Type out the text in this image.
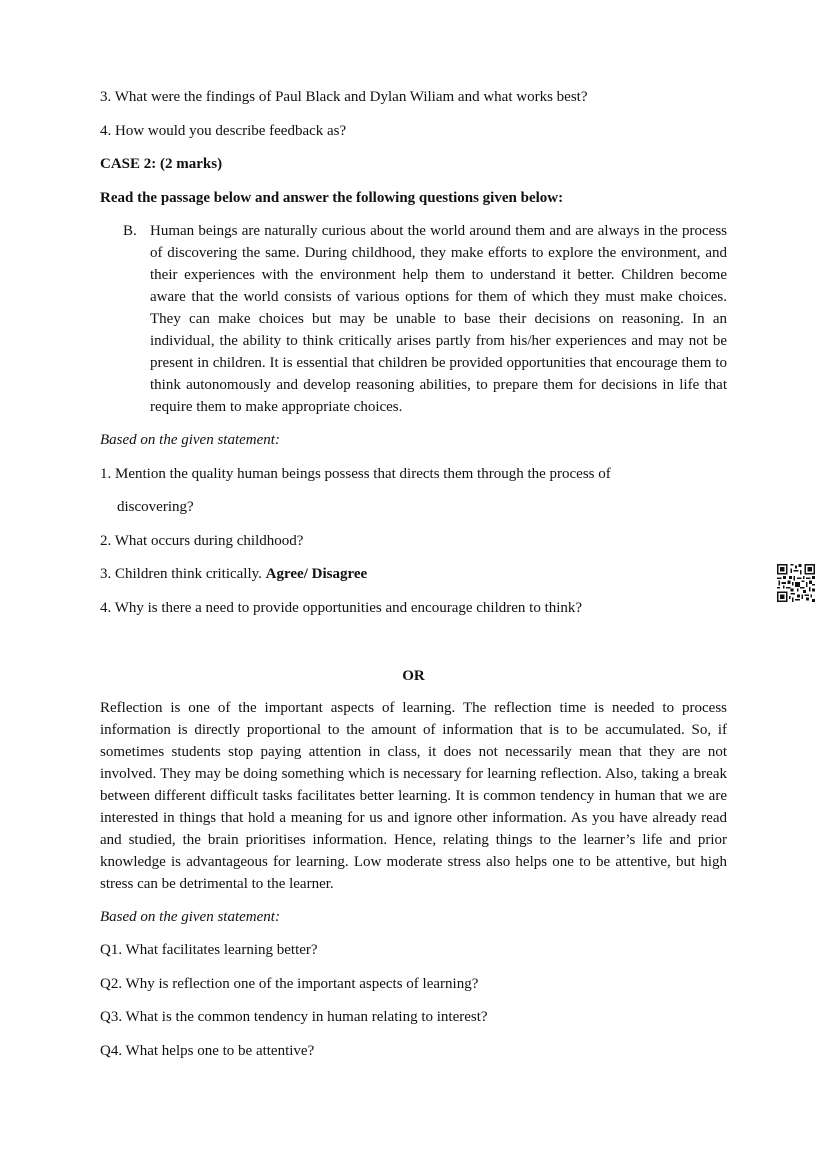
3. What were the findings of Paul Black and Dylan Wiliam and what works best?
4. How would you describe feedback as?
CASE 2: (2 marks)
Read the passage below and answer the following questions given below:
B. Human beings are naturally curious about the world around them and are always in the process of discovering the same. During childhood, they make efforts to explore the environment, and their experiences with the environment help them to understand it better. Children become aware that the world consists of various options for them of which they must make choices. They can make choices but may be unable to base their decisions on reasoning. In an individual, the ability to think critically arises partly from his/her experiences and may not be present in children. It is essential that children be provided opportunities that encourage them to think autonomously and develop reasoning abilities, to prepare them for decisions in life that require them to make appropriate choices.
Based on the given statement:
1. Mention the quality human beings possess that directs them through the process of
discovering?
2. What occurs during childhood?
3. Children think critically. Agree/ Disagree
4. Why is there a need to provide opportunities and encourage children to think?
OR
Reflection is one of the important aspects of learning. The reflection time is needed to process information is directly proportional to the amount of information that is to be accumulated. So, if sometimes students stop paying attention in class, it does not necessarily mean that they are not involved. They may be doing something which is necessary for learning reflection. Also, taking a break between different difficult tasks facilitates better learning. It is common tendency in human that we are interested in things that hold a meaning for us and ignore other information. As you have already read and studied, the brain prioritises information. Hence, relating things to the learner’s life and prior knowledge is advantageous for learning. Low moderate stress also helps one to be attentive, but high stress can be detrimental to the learner.
Based on the given statement:
Q1. What facilitates learning better?
Q2. Why is reflection one of the important aspects of learning?
Q3. What is the common tendency in human relating to interest?
Q4. What helps one to be attentive?
